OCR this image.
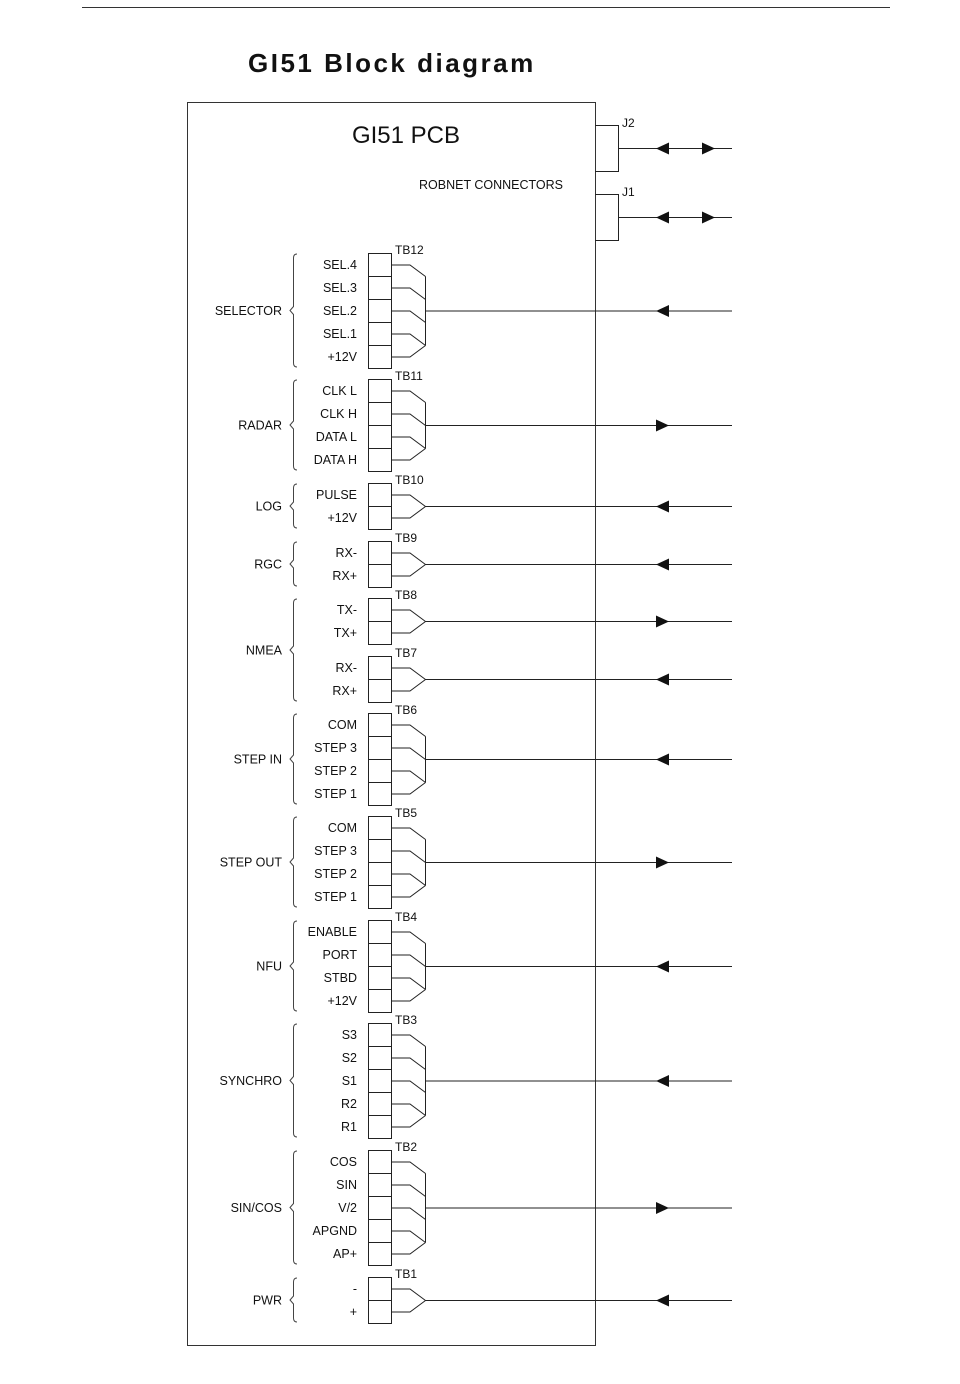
GI51 Block diagram
GI51 PCB
ROBNET CONNECTORS
J2
J1
TB12
SEL.4
SEL.3
SEL.2
SEL.1
+12V
SELECTOR
TB11
CLK L
CLK H
DATA L
DATA H
RADAR
TB10
PULSE
+12V
LOG
TB9
RX-
RX+
RGC
TB8
TX-
TX+
TB7
RX-
RX+
NMEA
TB6
COM
STEP 3
STEP 2
STEP 1
STEP IN
TB5
COM
STEP 3
STEP 2
STEP 1
STEP OUT
TB4
ENABLE
PORT
STBD
+12V
NFU
TB3
S3
S2
S1
R2
R1
SYNCHRO
TB2
COS
SIN
V/2
APGND
AP+
SIN/COS
TB1
-
+
PWR
